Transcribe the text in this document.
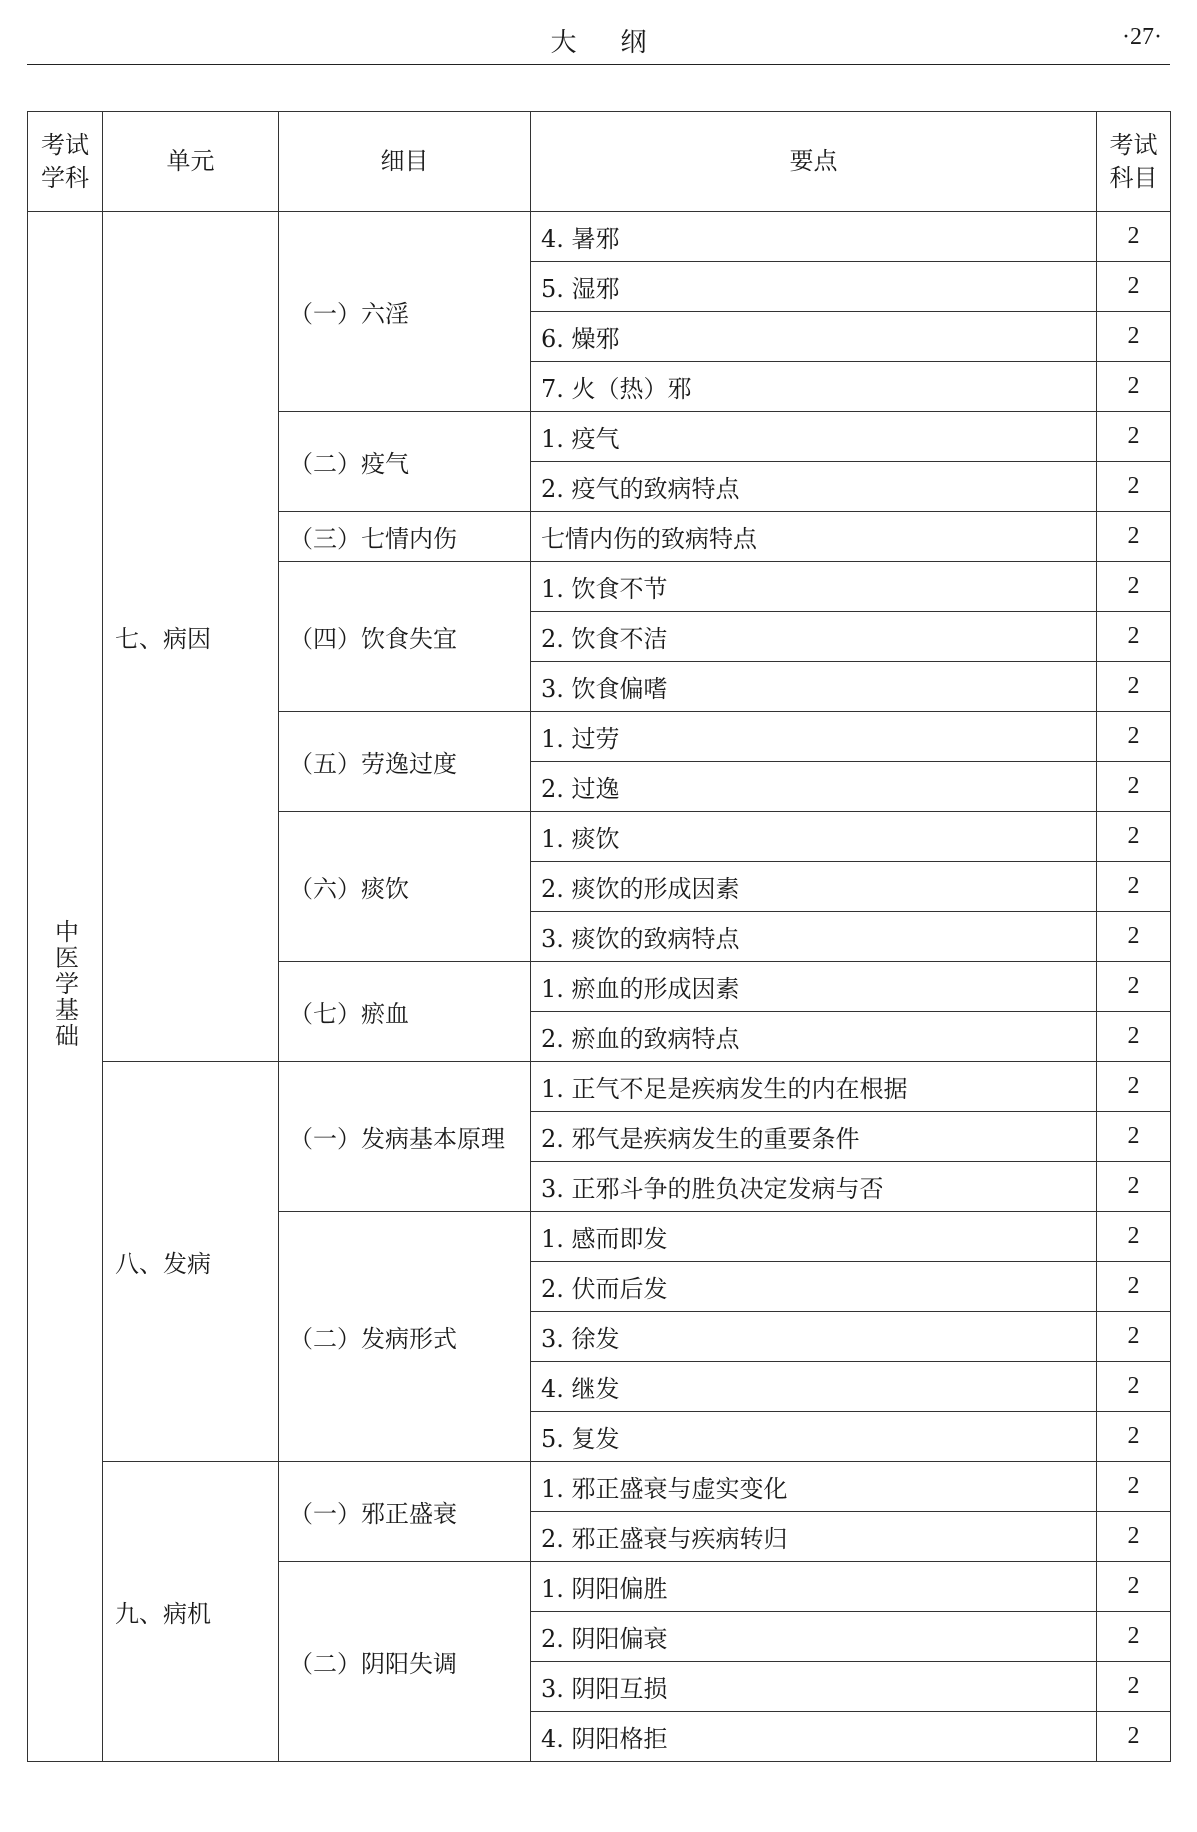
大纲	·27·
考试学科	单元	细目	要点	考试科目
中医学基础	七、病因	（一）六淫	4. 暑邪	2
			5. 湿邪	2
			6. 燥邪	2
			7. 火（热）邪	2
		（二）疫气	1. 疫气	2
			2. 疫气的致病特点	2
		（三）七情内伤	七情内伤的致病特点	2
		（四）饮食失宜	1. 饮食不节	2
			2. 饮食不洁	2
			3. 饮食偏嗜	2
		（五）劳逸过度	1. 过劳	2
			2. 过逸	2
		（六）痰饮	1. 痰饮	2
			2. 痰饮的形成因素	2
			3. 痰饮的致病特点	2
		（七）瘀血	1. 瘀血的形成因素	2
			2. 瘀血的致病特点	2
	八、发病	（一）发病基本原理	1. 正气不足是疾病发生的内在根据	2
			2. 邪气是疾病发生的重要条件	2
			3. 正邪斗争的胜负决定发病与否	2
		（二）发病形式	1. 感而即发	2
			2. 伏而后发	2
			3. 徐发	2
			4. 继发	2
			5. 复发	2
	九、病机	（一）邪正盛衰	1. 邪正盛衰与虚实变化	2
			2. 邪正盛衰与疾病转归	2
		（二）阴阳失调	1. 阴阳偏胜	2
			2. 阴阳偏衰	2
			3. 阴阳互损	2
			4. 阴阳格拒	2
